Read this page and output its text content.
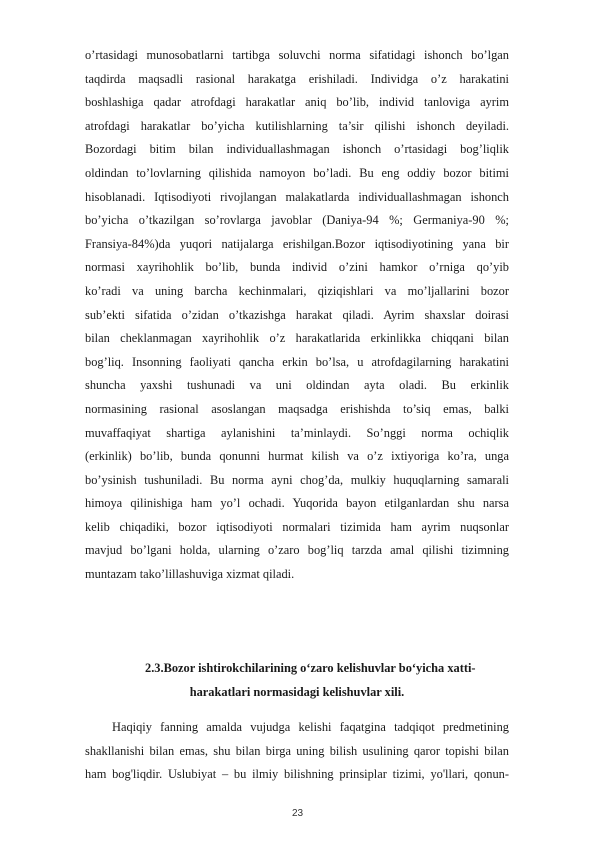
o’rtasidagi munosobatlarni tartibga soluvchi norma sifatidagi ishonch bo’lgan
taqdirda maqsadli rasional harakatga erishiladi. Individga o’z harakatini
boshlashiga qadar atrofdagi harakatlar aniq bo’lib, individ tanloviga ayrim
atrofdagi harakatlar bo’yicha kutilishlarning ta’sir qilishi ishonch deyiladi.
Bozordagi bitim bilan individuallashmagan ishonch o’rtasidagi bog’liqlik
oldindan to’lovlarning qilishida namoyon bo’ladi. Bu eng oddiy bozor bitimi
hisoblanadi. Iqtisodiyoti rivojlangan malakatlarda individuallashmagan ishonch
bo’yicha o’tkazilgan so’rovlarga javoblar (Daniya-94 %; Germaniya-90 %;
Fransiya-84%)da yuqori natijalarga erishilgan.Bozor iqtisodiyotining yana bir
normasi xayrihohlik bo’lib, bunda individ o’zini hamkor o’rniga qo’yib
ko’radi va uning barcha kechinmalari, qiziqishlari va mo’ljallarini bozor
sub’ekti sifatida o’zidan o’tkazishga harakat qiladi. Ayrim shaxslar doirasi
bilan cheklanmagan xayrihohlik o’z harakatlarida erkinlikka chiqqani bilan
bog’liq. Insonning faoliyati qancha erkin bo’lsa, u atrofdagilarning harakatini
shuncha yaxshi tushunadi va uni oldindan ayta oladi. Bu erkinlik
normasining rasional asoslangan maqsadga erishishda to’siq emas, balki
muvaffaqiyat shartiga aylanishini ta’minlaydi. So’nggi norma ochiqlik
(erkinlik) bo’lib, bunda qonunni hurmat kilish va o’z ixtiyoriga ko’ra, unga
bo’ysinish tushuniladi. Bu norma ayni chog’da, mulkiy huquqlarning samarali
himoya qilinishiga ham yo’l ochadi. Yuqorida bayon etilganlardan shu narsa
kelib chiqadiki, bozor iqtisodiyoti normalari tizimida ham ayrim nuqsonlar
mavjud bo’lgani holda, ularning o’zaro bog’liq tarzda amal qilishi tizimning
muntazam tako’lillashuviga xizmat qiladi.
2.3.Bozor ishtirokchilarining o‘zaro kelishuvlar bo‘yicha xatti-
harakatlari normasidagi kelishuvlar xili.
Haqiqiy fanning amalda vujudga kelishi faqatgina tadqiqot predmetining
shakllanishi bilan emas, shu bilan birga uning bilish usulining qaror topishi bilan
ham bog'liqdir. Uslubiyat – bu ilmiy bilishning prinsiplar tizimi, yo'llari, qonun-
23
